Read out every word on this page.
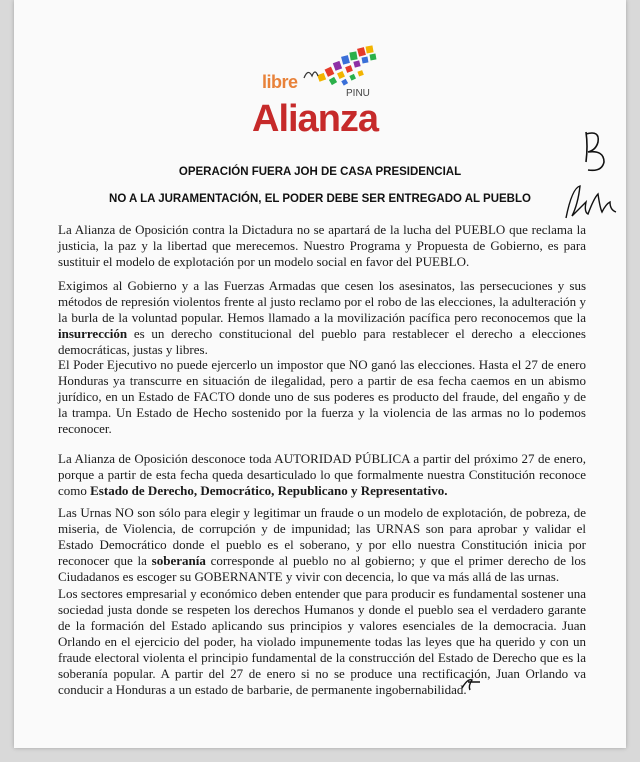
libre
PINU
Alianza
OPERACIÓN FUERA JOH DE CASA PRESIDENCIAL
NO A LA JURAMENTACIÓN, EL PODER DEBE SER ENTREGADO AL PUEBLO

La Alianza de Oposición contra la Dictadura no se apartará de la lucha del PUEBLO que reclama la justicia, la paz y la libertad que merecemos. Nuestro Programa y Propuesta de Gobierno, es para sustituir el modelo de explotación por un modelo social en favor del PUEBLO.

Exigimos al Gobierno y a las Fuerzas Armadas que cesen los asesinatos, las persecuciones y sus métodos de represión violentos frente al justo reclamo por el robo de las elecciones, la adulteración y la burla de la voluntad popular. Hemos llamado a la movilización pacífica pero reconocemos que la insurrección es un derecho constitucional del pueblo para restablecer el derecho a elecciones democráticas, justas y libres.

El Poder Ejecutivo no puede ejercerlo un impostor que NO ganó las elecciones. Hasta el 27 de enero Honduras ya transcurre en situación de ilegalidad, pero a partir de esa fecha caemos en un abismo jurídico, en un Estado de FACTO donde uno de sus poderes es producto del fraude, del engaño y de la trampa. Un Estado de Hecho sostenido por la fuerza y la violencia de las armas no lo podemos reconocer.

La Alianza de Oposición desconoce toda AUTORIDAD PÚBLICA a partir del próximo 27 de enero, porque a partir de esta fecha queda desarticulado lo que formalmente nuestra Constitución reconoce como Estado de Derecho, Democrático, Republicano y Representativo.

Las Urnas NO son sólo para elegir y legitimar un fraude o un modelo de explotación, de pobreza, de miseria, de Violencia, de corrupción y de impunidad; las URNAS son para aprobar y validar el Estado Democrático donde el pueblo es el soberano, y por ello nuestra Constitución inicia por reconocer que la soberanía corresponde al pueblo no al gobierno; y que el primer derecho de los Ciudadanos es escoger su GOBERNANTE y vivir con decencia, lo que va más allá de las urnas.

Los sectores empresarial y económico deben entender que para producir es fundamental sostener una sociedad justa donde se respeten los derechos Humanos y donde el pueblo sea el verdadero garante de la formación del Estado aplicando sus principios y valores esenciales de la democracia. Juan Orlando en el ejercicio del poder, ha violado impunemente todas las leyes que ha querido y con un fraude electoral violenta el principio fundamental de la construcción del Estado de Derecho que es la soberanía popular. A partir del 27 de enero si no se produce una rectificación, Juan Orlando va conducir a Honduras a un estado de barbarie, de permanente ingobernabilidad.
